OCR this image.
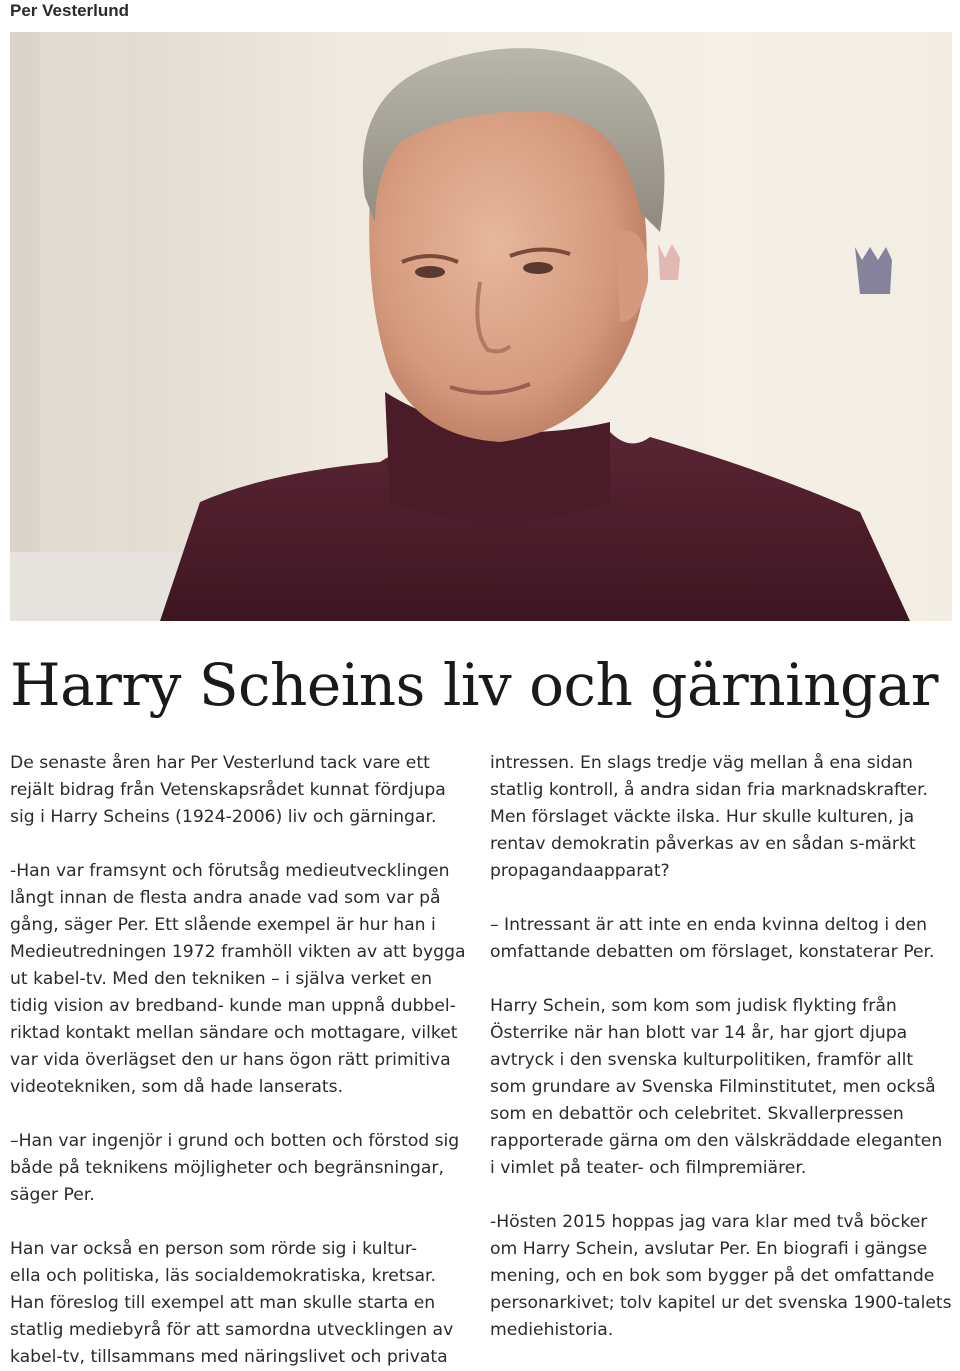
Per Vesterlund
Harry Scheins liv och gärningar

De senaste åren har Per Vesterlund tack vare ett
rejält bidrag från Vetenskapsrådet kunnat fördjupa
sig i Harry Scheins (1924-2006) liv och gärningar.

-Han var framsynt och förutsåg medieutvecklingen
långt innan de flesta andra anade vad som var på
gång, säger Per. Ett slående exempel är hur han i
Medieutredningen 1972 framhöll vikten av att bygga
ut kabel-tv. Med den tekniken – i själva verket en
tidig vision av bredband- kunde man uppnå dubbel-
riktad kontakt mellan sändare och mottagare, vilket
var vida överlägset den ur hans ögon rätt primitiva
videotekniken, som då hade lanserats.

–Han var ingenjör i grund och botten och förstod sig
både på teknikens möjligheter och begränsningar,
säger Per.

Han var också en person som rörde sig i kultur-
ella och politiska, läs socialdemokratiska, kretsar.
Han föreslog till exempel att man skulle starta en
statlig mediebyrå för att samordna utvecklingen av
kabel-tv, tillsammans med näringslivet och privata

intressen. En slags tredje väg mellan å ena sidan
statlig kontroll, å andra sidan fria marknadskrafter.
Men förslaget väckte ilska. Hur skulle kulturen, ja
rentav demokratin påverkas av en sådan s-märkt
propagandaapparat?

– Intressant är att inte en enda kvinna deltog i den
omfattande debatten om förslaget, konstaterar Per.

Harry Schein, som kom som judisk flykting från
Österrike när han blott var 14 år, har gjort djupa
avtryck i den svenska kulturpolitiken, framför allt
som grundare av Svenska Filminstitutet, men också
som en debattör och celebritet. Skvallerpressen
rapporterade gärna om den välskräddade eleganten
i vimlet på teater- och filmpremiärer.

-Hösten 2015 hoppas jag vara klar med två böcker
om Harry Schein, avslutar Per. En biografi i gängse
mening, och en bok som bygger på det omfattande
personarkivet; tolv kapitel ur det svenska 1900-talets
mediehistoria.
